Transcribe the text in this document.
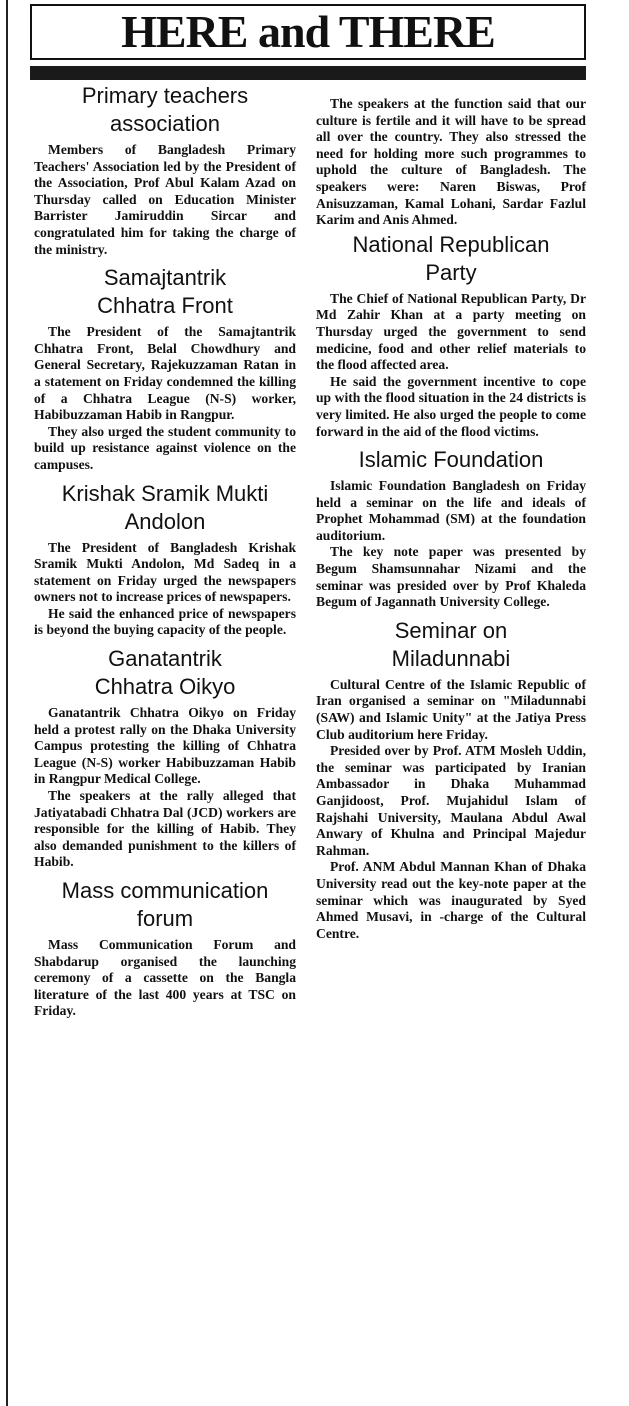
HERE and THERE
Primary teachers association

Members of Bangladesh Primary Teachers' Association led by the President of the Association, Prof Abul Kalam Azad on Thursday called on Education Minister Barrister Jamiruddin Sircar and congratulated him for taking the charge of the ministry.

Samajtantrik Chhatra Front

The President of the Samajtantrik Chhatra Front, Belal Chowdhury and General Secretary, Rajekuzzaman Ratan in a statement on Friday condemned the killing of a Chhatra League (N-S) worker, Habibuzzaman Habib in Rangpur.

They also urged the student community to build up resistance against violence on the campuses.

Krishak Sramik Mukti Andolon

The President of Bangladesh Krishak Sramik Mukti Andolon, Md Sadeq in a statement on Friday urged the newspapers owners not to increase prices of newspapers.

He said the enhanced price of newspapers is beyond the buying capacity of the people.

Ganatantrik Chhatra Oikyo

Ganatantrik Chhatra Oikyo on Friday held a protest rally on the Dhaka University Campus protesting the killing of Chhatra League (N-S) worker Habibuzzaman Habib in Rangpur Medical College.

The speakers at the rally alleged that Jatiyatabadi Chhatra Dal (JCD) workers are responsible for the killing of Habib. They also demanded punishment to the killers of Habib.

Mass communication forum

Mass Communication Forum and Shabdarup organised the launching ceremony of a cassette on the Bangla literature of the last 400 years at TSC on Friday.

The speakers at the function said that our culture is fertile and it will have to be spread all over the country. They also stressed the need for holding more such programmes to uphold the culture of Bangladesh. The speakers were: Naren Biswas, Prof Anisuzzaman, Kamal Lohani, Sardar Fazlul Karim and Anis Ahmed.

National Republican Party

The Chief of National Republican Party, Dr Md Zahir Khan at a party meeting on Thursday urged the government to send medicine, food and other relief materials to the flood affected area.

He said the government incentive to cope up with the flood situation in the 24 districts is very limited. He also urged the people to come forward in the aid of the flood victims.

Islamic Foundation

Islamic Foundation Bangladesh on Friday held a seminar on the life and ideals of Prophet Mohammad (SM) at the foundation auditorium.

The key note paper was presented by Begum Shamsunnahar Nizami and the seminar was presided over by Prof Khaleda Begum of Jagannath University College.

Seminar on Miladunnabi

Cultural Centre of the Islamic Republic of Iran organised a seminar on "Miladunnabi (SAW) and Islamic Unity" at the Jatiya Press Club auditorium here Friday.

Presided over by Prof. ATM Mosleh Uddin, the seminar was participated by Iranian Ambassador in Dhaka Muhammad Ganjidoost, Prof. Mujahidul Islam of Rajshahi University, Maulana Abdul Awal Anwary of Khulna and Principal Majedur Rahman.

Prof. ANM Abdul Mannan Khan of Dhaka University read out the key-note paper at the seminar which was inaugurated by Syed Ahmed Musavi, in -charge of the Cultural Centre.
